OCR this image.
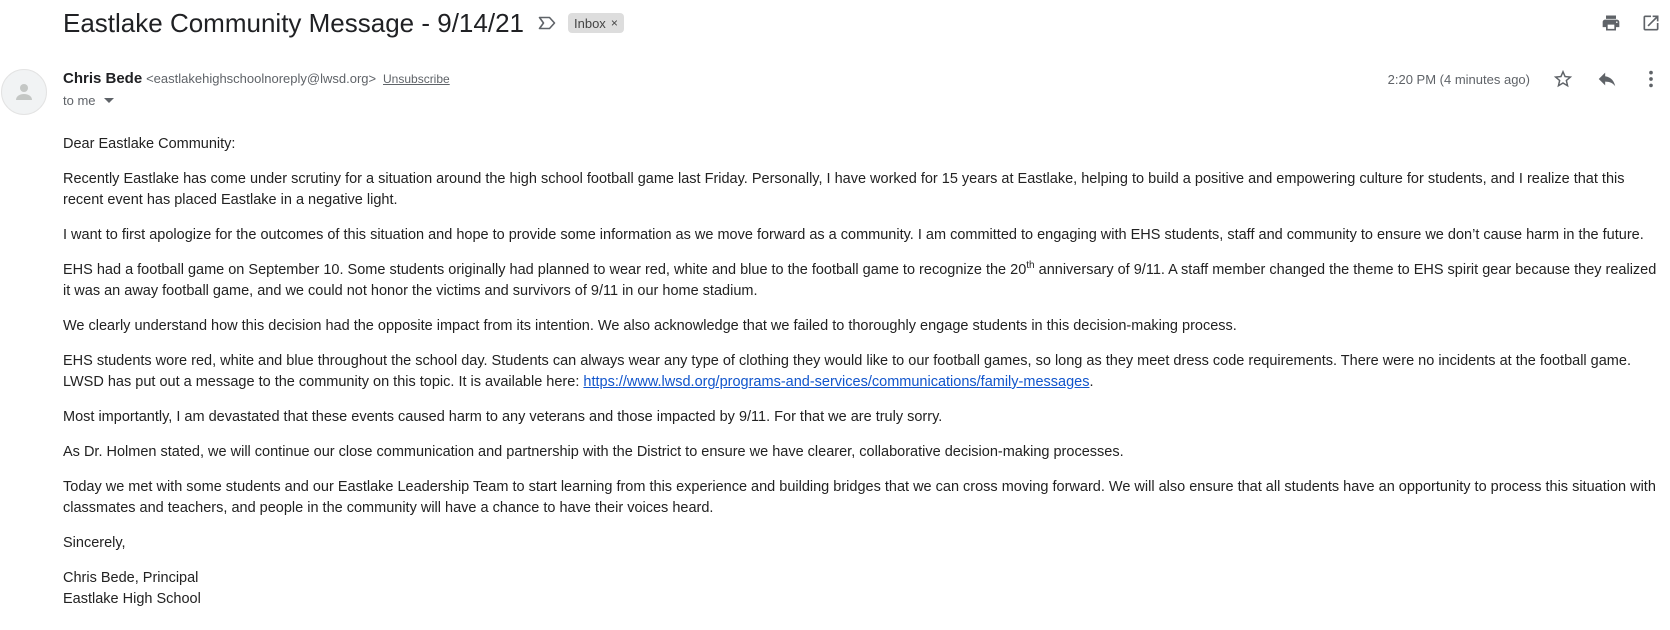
Eastlake Community Message - 9/14/21	Inbox ×
Chris Bede <eastlakehighschoolnoreply@lwsd.org> Unsubscribe
to me
2:20 PM (4 minutes ago)

Dear Eastlake Community:

Recently Eastlake has come under scrutiny for a situation around the high school football game last Friday. Personally, I have worked for 15 years at Eastlake, helping to build a positive and empowering culture for students, and I realize that this recent event has placed Eastlake in a negative light.

I want to first apologize for the outcomes of this situation and hope to provide some information as we move forward as a community. I am committed to engaging with EHS students, staff and community to ensure we don’t cause harm in the future.

EHS had a football game on September 10. Some students originally had planned to wear red, white and blue to the football game to recognize the 20th anniversary of 9/11. A staff member changed the theme to EHS spirit gear because they realized it was an away football game, and we could not honor the victims and survivors of 9/11 in our home stadium.

We clearly understand how this decision had the opposite impact from its intention. We also acknowledge that we failed to thoroughly engage students in this decision-making process.

EHS students wore red, white and blue throughout the school day. Students can always wear any type of clothing they would like to our football games, so long as they meet dress code requirements. There were no incidents at the football game. LWSD has put out a message to the community on this topic. It is available here: https://www.lwsd.org/programs-and-services/communications/family-messages.

Most importantly, I am devastated that these events caused harm to any veterans and those impacted by 9/11. For that we are truly sorry.

As Dr. Holmen stated, we will continue our close communication and partnership with the District to ensure we have clearer, collaborative decision-making processes.

Today we met with some students and our Eastlake Leadership Team to start learning from this experience and building bridges that we can cross moving forward. We will also ensure that all students have an opportunity to process this situation with classmates and teachers, and people in the community will have a chance to have their voices heard.

Sincerely,

Chris Bede, Principal
Eastlake High School
